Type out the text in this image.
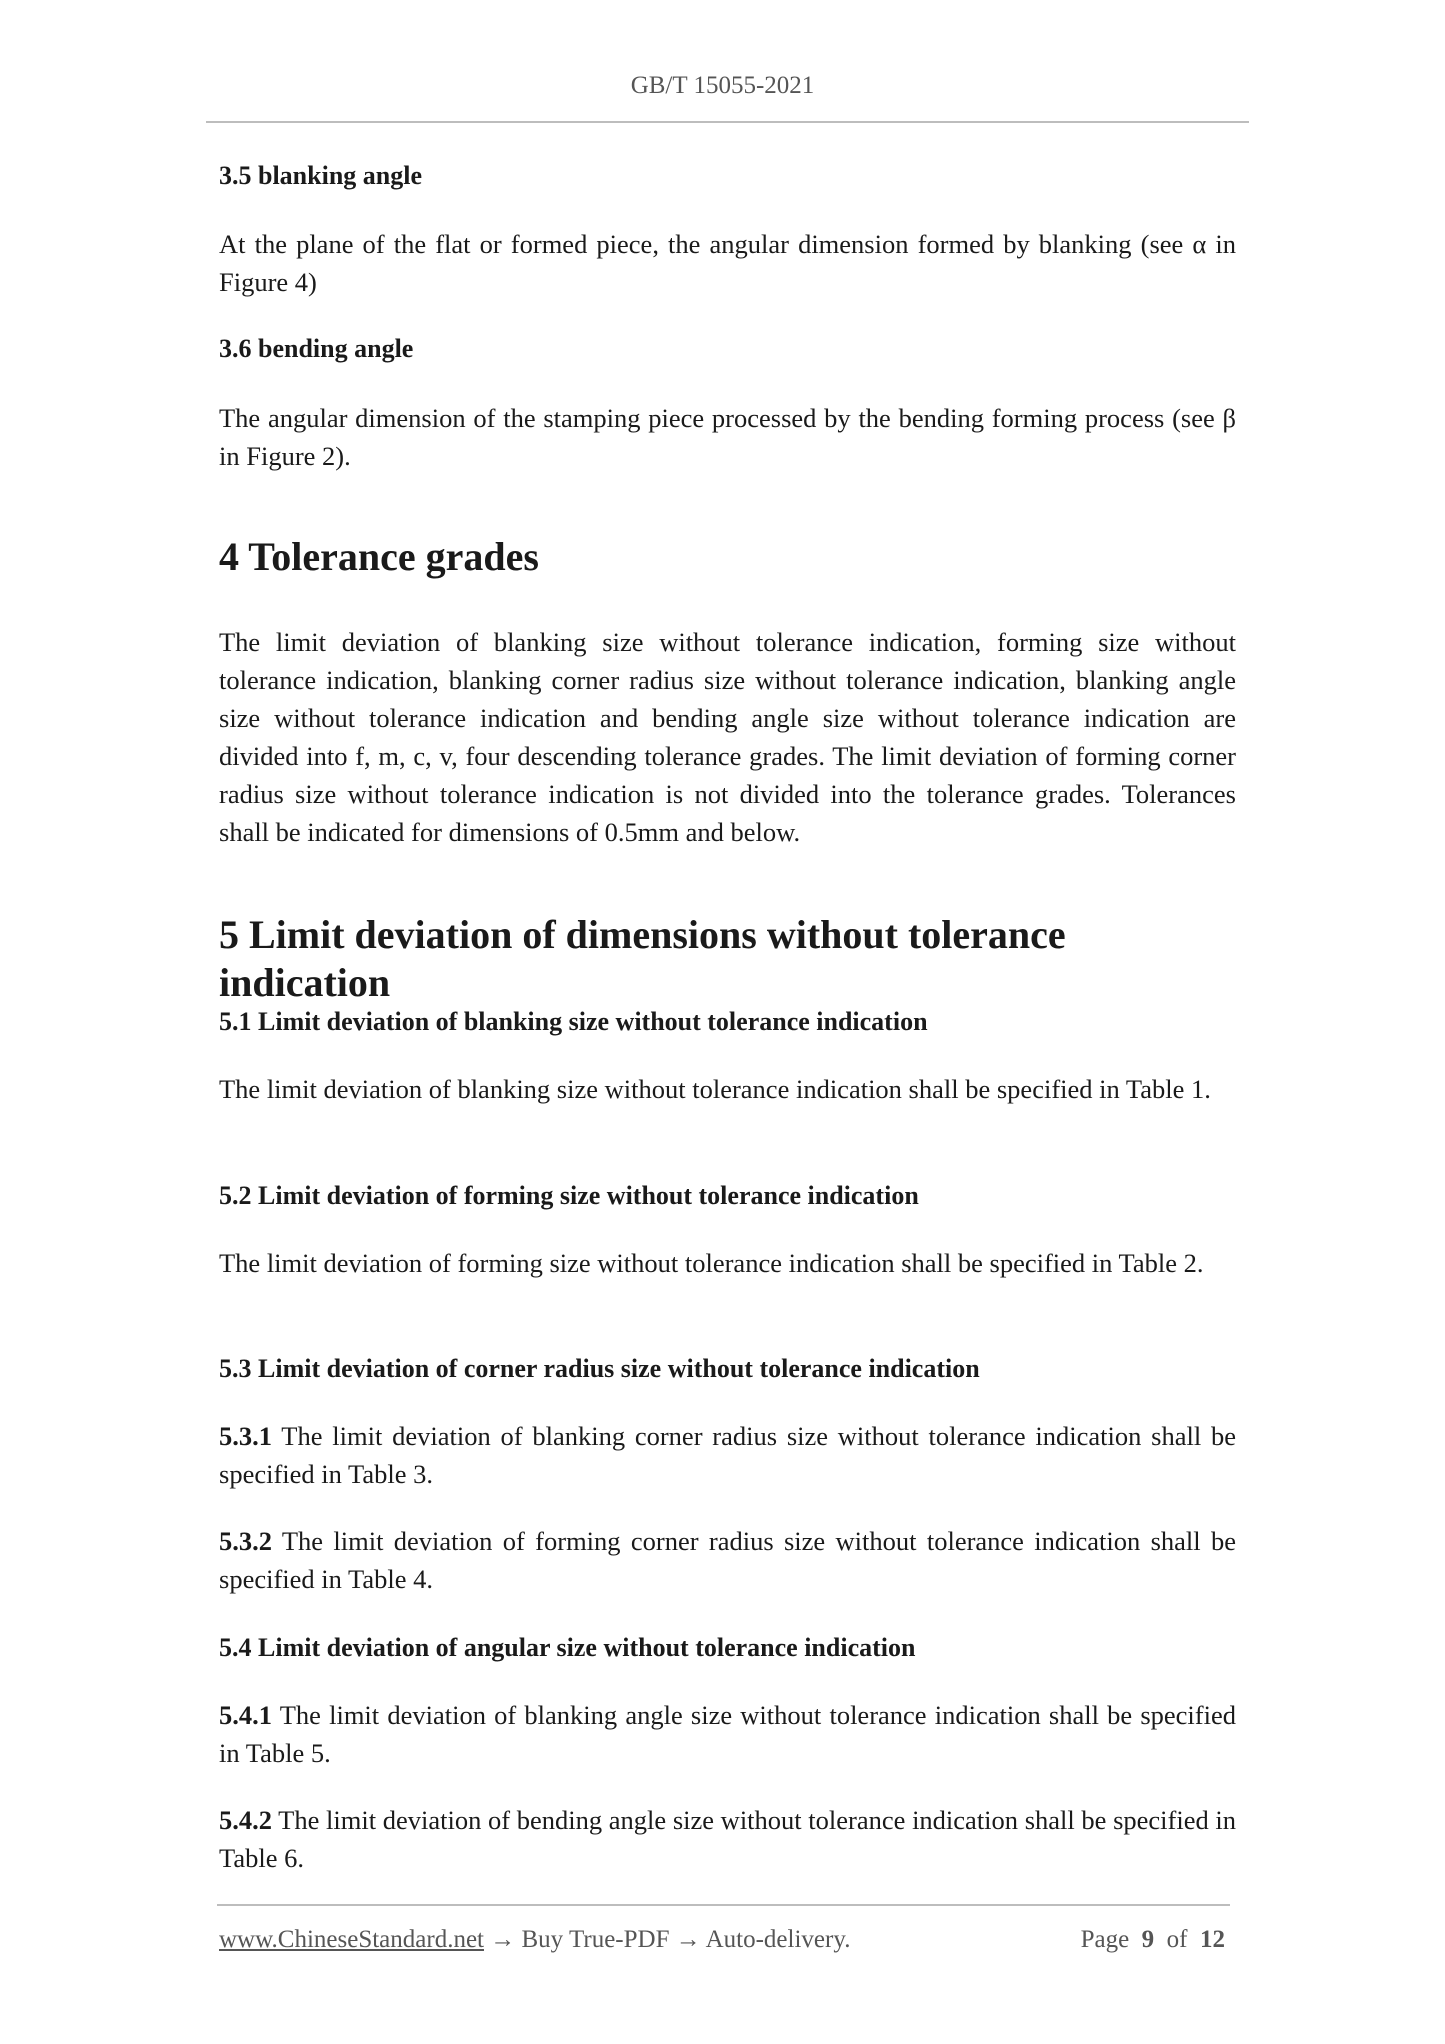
GB/T 15055-2021
3.5 blanking angle
At the plane of the flat or formed piece, the angular dimension formed by blanking (see α in Figure 4)
3.6 bending angle
The angular dimension of the stamping piece processed by the bending forming process (see β in Figure 2).
4 Tolerance grades
The limit deviation of blanking size without tolerance indication, forming size without tolerance indication, blanking corner radius size without tolerance indication, blanking angle size without tolerance indication and bending angle size without tolerance indication are divided into f, m, c, v, four descending tolerance grades. The limit deviation of forming corner radius size without tolerance indication is not divided into the tolerance grades. Tolerances shall be indicated for dimensions of 0.5mm and below.
5 Limit deviation of dimensions without tolerance indication
5.1 Limit deviation of blanking size without tolerance indication
The limit deviation of blanking size without tolerance indication shall be specified in Table 1.
5.2 Limit deviation of forming size without tolerance indication
The limit deviation of forming size without tolerance indication shall be specified in Table 2.
5.3 Limit deviation of corner radius size without tolerance indication
5.3.1 The limit deviation of blanking corner radius size without tolerance indication shall be specified in Table 3.
5.3.2 The limit deviation of forming corner radius size without tolerance indication shall be specified in Table 4.
5.4 Limit deviation of angular size without tolerance indication
5.4.1 The limit deviation of blanking angle size without tolerance indication shall be specified in Table 5.
5.4.2 The limit deviation of bending angle size without tolerance indication shall be specified in Table 6.
www.ChineseStandard.net → Buy True-PDF → Auto-delivery.	Page 9 of 12
